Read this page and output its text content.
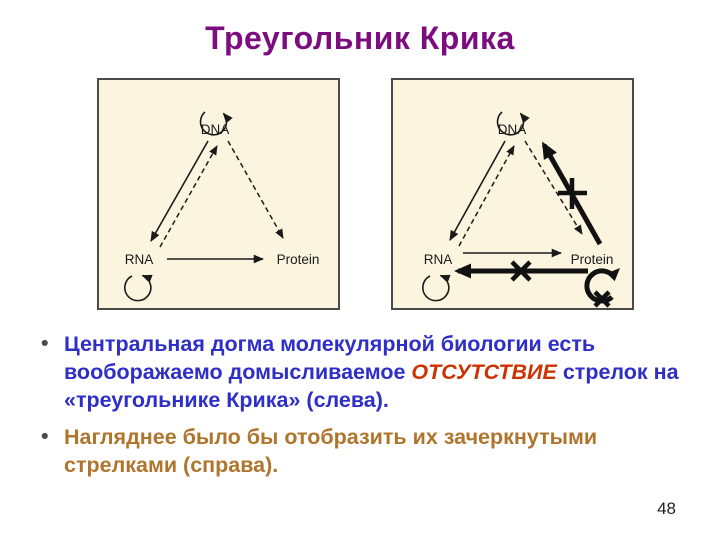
Треугольник Крика
DNA
RNA	Protein
DNA
RNA	Protein
• Центральная догма молекулярной биологии есть вооборажаемо домысливаемое ОТСУТСТВИЕ стрелок на «треугольнике Крика» (слева).
• Нагляднее было бы отобразить их зачеркнутыми стрелками (справа).
48
